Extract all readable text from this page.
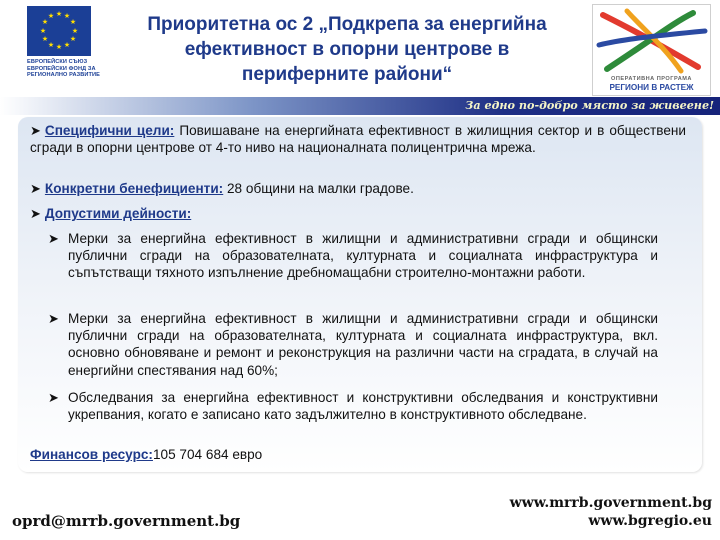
★ ★
★
★
★
★
★
★
★
★
★
★
ЕВРОПЕЙСКИ СЪЮЗ
ЕВРОПЕЙСКИ ФОНД ЗА
РЕГИОНАЛНО РАЗВИТИЕ
Приоритетна ос 2 „Подкрепа за енергийна
ефективност в опорни центрове в
периферните райони“	ОПЕРАТИВНА ПРОГРАМА
РЕГИОНИ В РАСТЕЖ
За едно по-добро място за живеене!
➤ Специфични цели: Повишаване на енергийната ефективност в жилищния сектор и в обществени сгради в опорни центрове от 4-то ниво на националната полицентрична мрежа.
➤ Конкретни бенефициенти: 28 общини на малки градове.
➤ Допустими дейности:
➤ Мерки за енергийна ефективност в жилищни и административни сгради и общински публични сгради на образователната, културната и социалната инфраструктура и съпътстващи тяхното изпълнение дребномащабни строително-монтажни работи.
➤ Мерки за енергийна ефективност в жилищни и административни сгради и общински публични сгради на образователната, културната и социалната инфраструктура, вкл. основно обновяване и ремонт и реконструкция на различни части на сградата, в случай на енергийни спестявания над 60%;
➤ Обследвания за енергийна ефективност и конструктивни обследвания и конструктивни укрепвания, когато е записано като задължително в конструктивното обследване.
Финансов ресурс:105 704 684 евро
oprd@mrrb.government.bg
www.mrrb.government.bg
www.bgregio.eu
